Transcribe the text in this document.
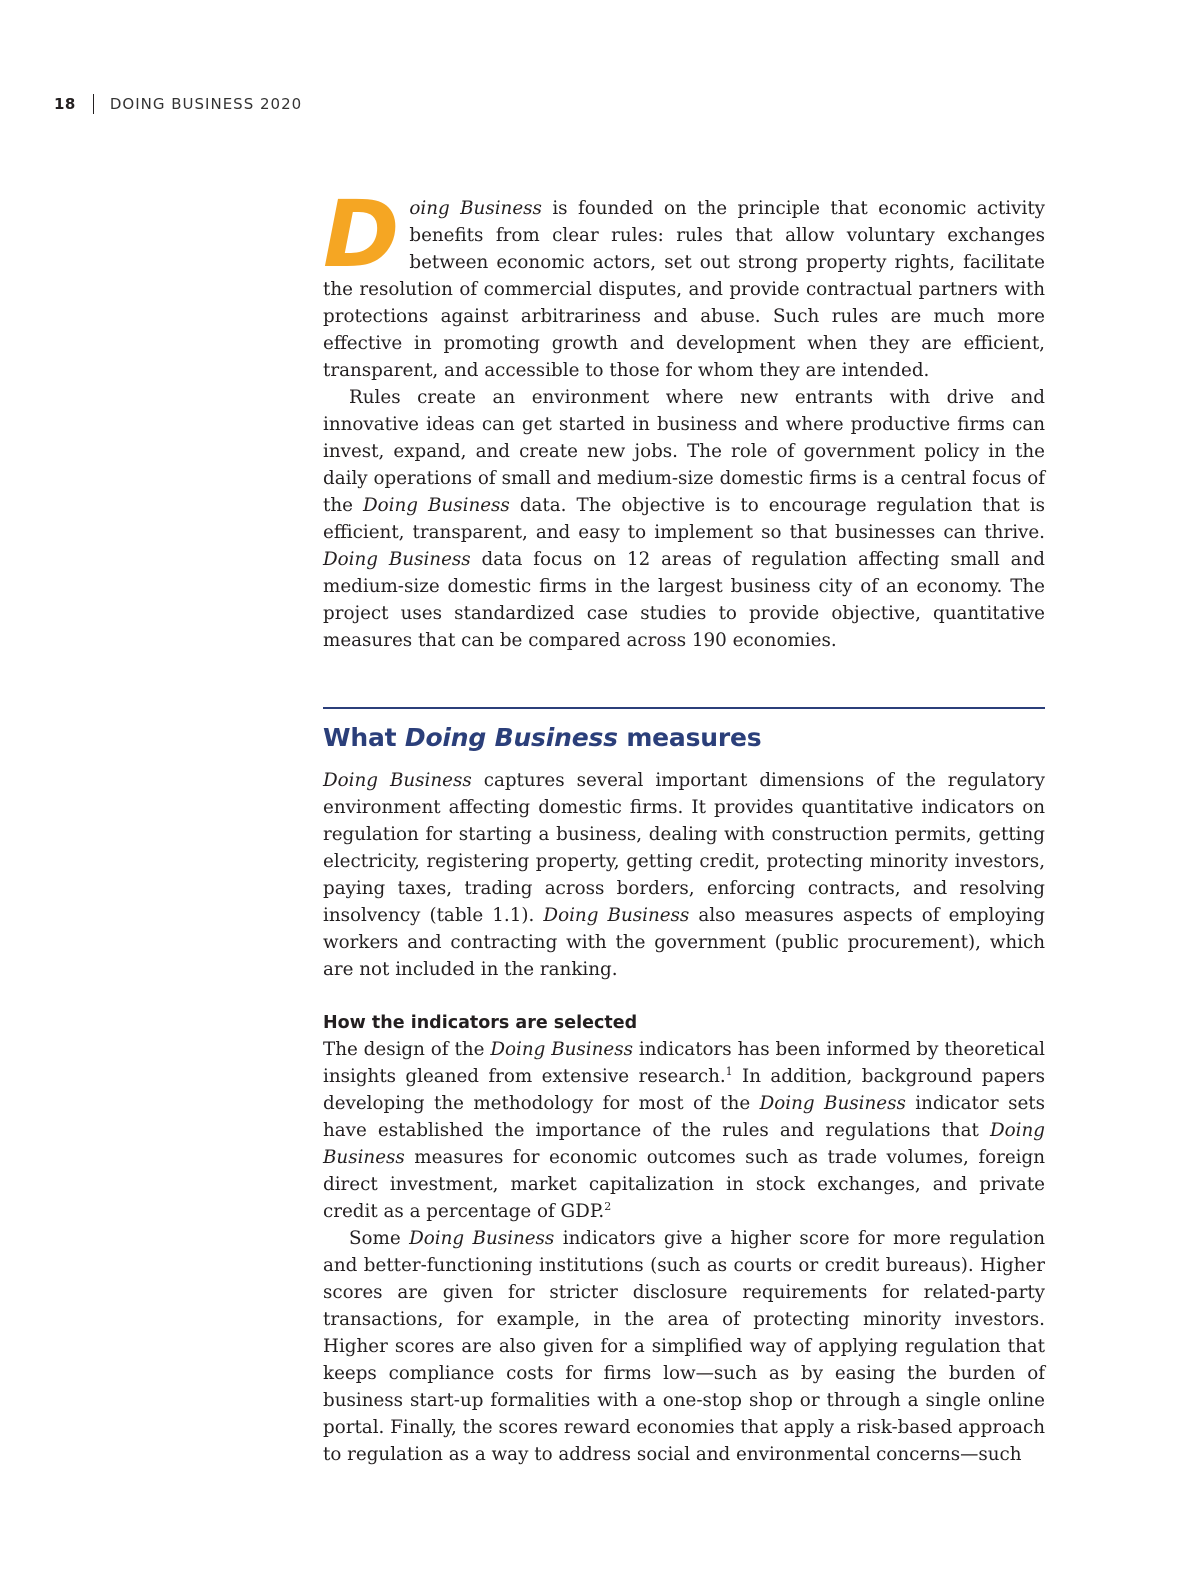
18 DOING BUSINESS 2020

Doing Business is founded on the principle that economic activity benefits from clear rules: rules that allow voluntary exchanges between economic actors, set out strong property rights, facilitate the resolution of commercial disputes, and provide contractual partners with protections against arbitrariness and abuse. Such rules are much more effective in promoting growth and development when they are efficient, transparent, and accessible to those for whom they are intended.

Rules create an environment where new entrants with drive and innovative ideas can get started in business and where productive firms can invest, expand, and create new jobs. The role of government policy in the daily operations of small and medium-size domestic firms is a central focus of the Doing Business data. The objective is to encourage regulation that is efficient, transparent, and easy to implement so that businesses can thrive. Doing Business data focus on 12 areas of regulation affecting small and medium-size domestic firms in the largest business city of an economy. The project uses standardized case studies to provide objective, quantitative measures that can be compared across 190 economies.

What Doing Business measures

Doing Business captures several important dimensions of the regulatory environment affecting domestic firms. It provides quantitative indicators on regulation for starting a business, dealing with construction permits, getting electricity, registering property, getting credit, protecting minority investors, paying taxes, trading across borders, enforcing contracts, and resolving insolvency (table 1.1). Doing Business also measures aspects of employing workers and contracting with the government (public procurement), which are not included in the ranking.

How the indicators are selected

The design of the Doing Business indicators has been informed by theoretical insights gleaned from extensive research.$^1$ In addition, background papers developing the methodology for most of the Doing Business indicator sets have established the importance of the rules and regulations that Doing Business measures for economic outcomes such as trade volumes, foreign direct investment, market capitalization in stock exchanges, and private credit as a percentage of GDP.$^2$

Some Doing Business indicators give a higher score for more regulation and better-functioning institutions (such as courts or credit bureaus). Higher scores are given for stricter disclosure requirements for related-party transactions, for example, in the area of protecting minority investors. Higher scores are also given for a simplified way of applying regulation that keeps compliance costs for firms low—such as by easing the burden of business start-up formalities with a one-stop shop or through a single online portal. Finally, the scores reward economies that apply a risk-based approach to regulation as a way to address social and environmental concerns—such
